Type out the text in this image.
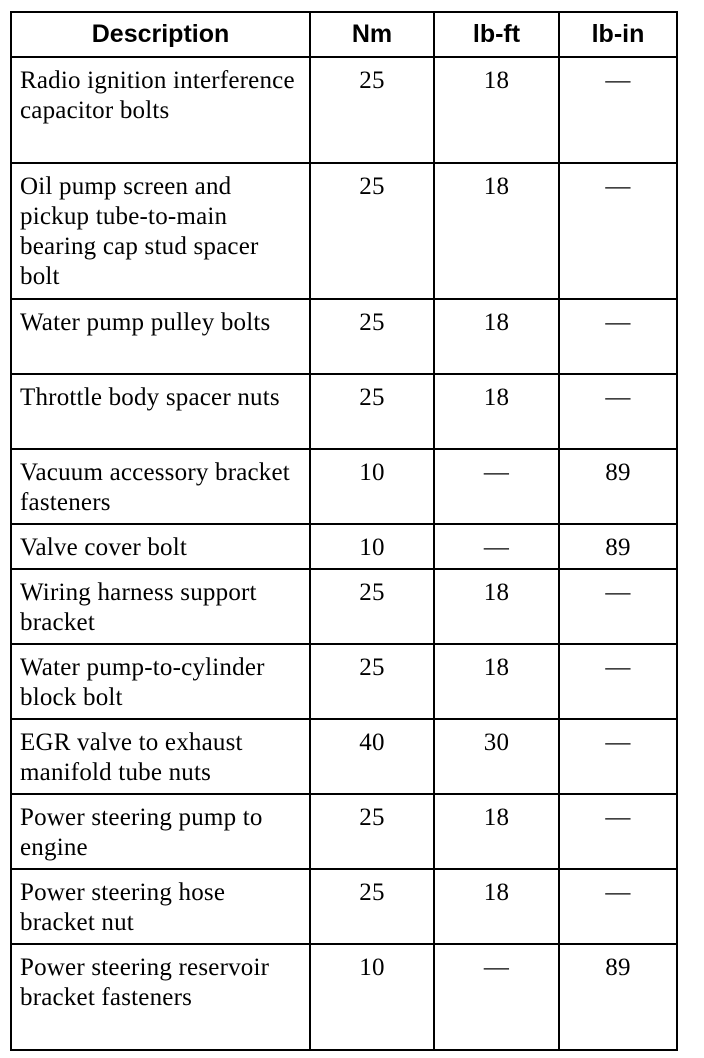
Description	Nm	lb-ft	lb-in
Radio ignition interference capacitor bolts	25	18	—
Oil pump screen and pickup tube-to-main bearing cap stud spacer bolt	25	18	—
Water pump pulley bolts	25	18	—
Throttle body spacer nuts	25	18	—
Vacuum accessory bracket fasteners	10	—	89
Valve cover bolt	10	—	89
Wiring harness support bracket	25	18	—
Water pump-to-cylinder block bolt	25	18	—
EGR valve to exhaust manifold tube nuts	40	30	—
Power steering pump to engine	25	18	—
Power steering hose bracket nut	25	18	—
Power steering reservoir bracket fasteners	10	—	89
